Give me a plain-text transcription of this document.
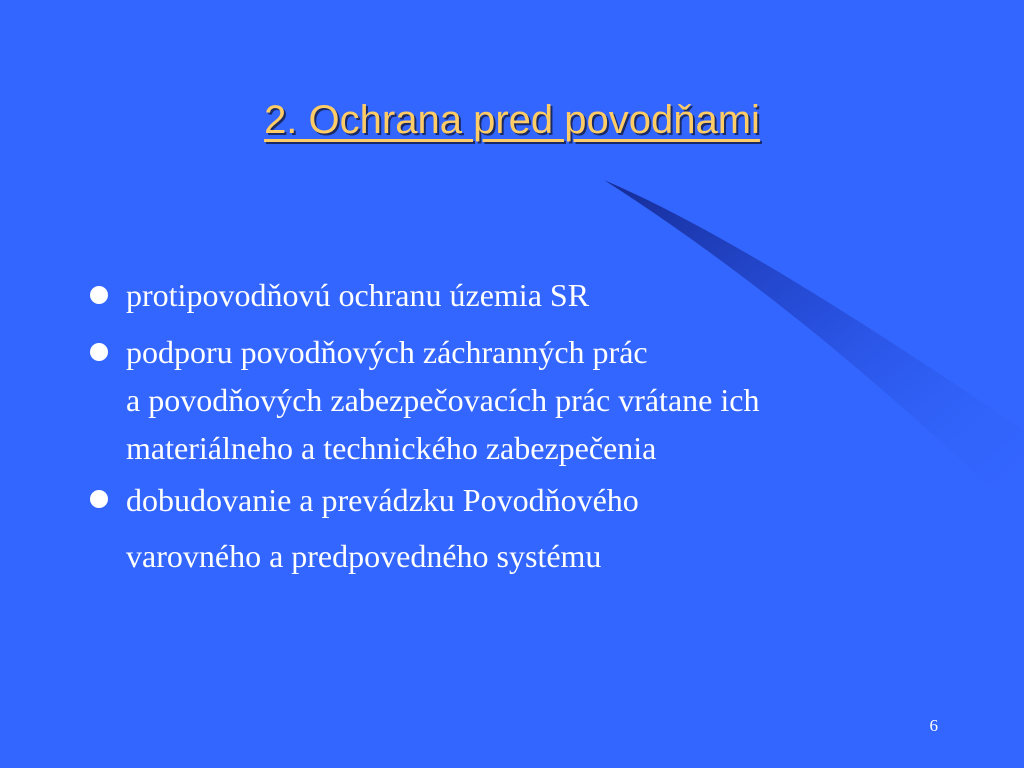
2. Ochrana pred povodňami
protipovodňovú ochranu územia SR
podporu povodňových záchranných prác
a povodňových zabezpečovacích prác vrátane ich
materiálneho a technického zabezpečenia
dobudovanie a prevádzku Povodňového
varovného a predpovedného systému
6
